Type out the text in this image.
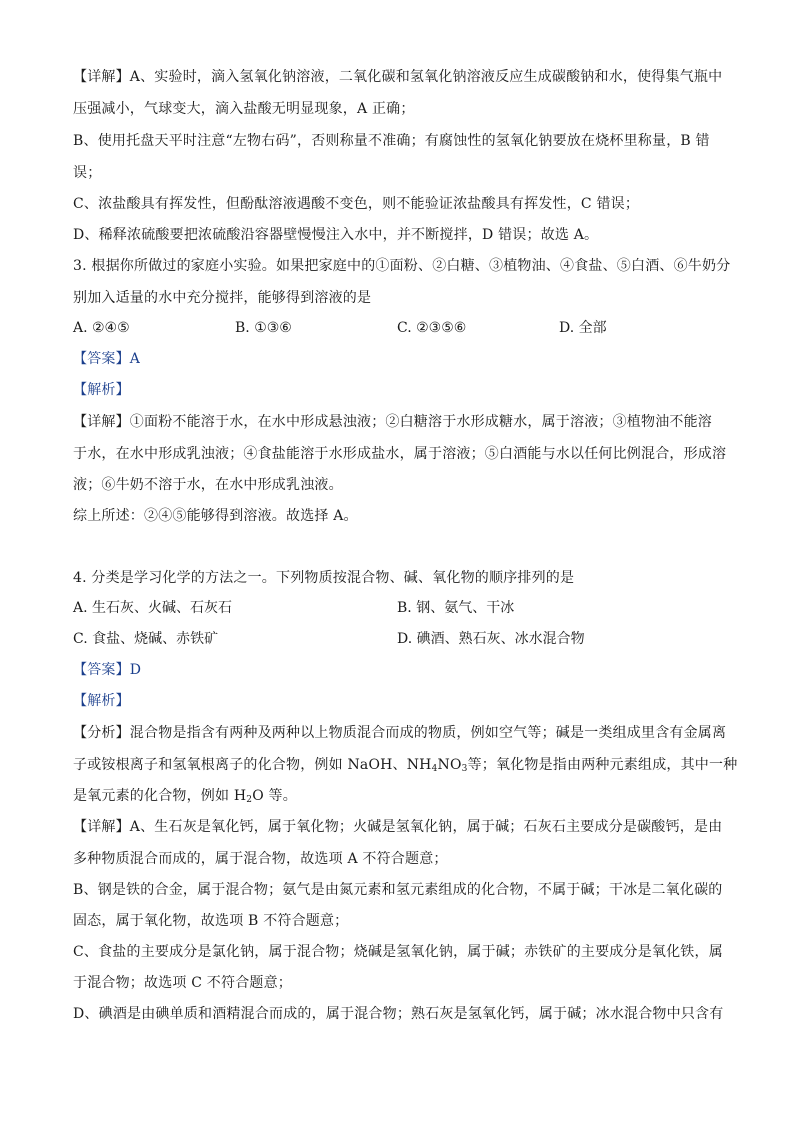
【详解】A、实验时，滴入氢氧化钠溶液，二氧化碳和氢氧化钠溶液反应生成碳酸钠和水，使得集气瓶中
压强减小，气球变大，滴入盐酸无明显现象，A 正确；
B、使用托盘天平时注意“左物右码”，否则称量不准确；有腐蚀性的氢氧化钠要放在烧杯里称量，B 错
误；
C、浓盐酸具有挥发性，但酚酞溶液遇酸不变色，则不能验证浓盐酸具有挥发性，C 错误；
D、稀释浓硫酸要把浓硫酸沿容器壁慢慢注入水中，并不断搅拌，D 错误；故选 A。
3. 根据你所做过的家庭小实验。如果把家庭中的①面粉、②白糖、③植物油、④食盐、⑤白酒、⑥牛奶分
别加入适量的水中充分搅拌，能够得到溶液的是
A. ②④⑤	B. ①③⑥	C. ②③⑤⑥	D. 全部
【答案】A
【解析】
【详解】①面粉不能溶于水，在水中形成悬浊液；②白糖溶于水形成糖水，属于溶液；③植物油不能溶
于水，在水中形成乳浊液；④食盐能溶于水形成盐水，属于溶液；⑤白酒能与水以任何比例混合，形成溶
液；⑥牛奶不溶于水，在水中形成乳浊液。
综上所述：②④⑤能够得到溶液。故选择 A。
4. 分类是学习化学的方法之一。下列物质按混合物、碱、氧化物的顺序排列的是
A. 生石灰、火碱、石灰石	B. 钢、氨气、干冰
C. 食盐、烧碱、赤铁矿	D. 碘酒、熟石灰、冰水混合物
【答案】D
【解析】
【分析】混合物是指含有两种及两种以上物质混合而成的物质，例如空气等；碱是一类组成里含有金属离
子或铵根离子和氢氧根离子的化合物，例如 NaOH、$NH_4NO_3$等；氧化物是指由两种元素组成，其中一种
是氧元素的化合物，例如 $H_2O$ 等。
【详解】A、生石灰是氧化钙，属于氧化物；火碱是氢氧化钠，属于碱；石灰石主要成分是碳酸钙，是由
多种物质混合而成的，属于混合物，故选项 A 不符合题意；
B、钢是铁的合金，属于混合物；氨气是由氮元素和氢元素组成的化合物，不属于碱；干冰是二氧化碳的
固态，属于氧化物，故选项 B 不符合题意；
C、食盐的主要成分是氯化钠，属于混合物；烧碱是氢氧化钠，属于碱；赤铁矿的主要成分是氧化铁，属
于混合物；故选项 C 不符合题意；
D、碘酒是由碘单质和酒精混合而成的，属于混合物；熟石灰是氢氧化钙，属于碱；冰水混合物中只含有
